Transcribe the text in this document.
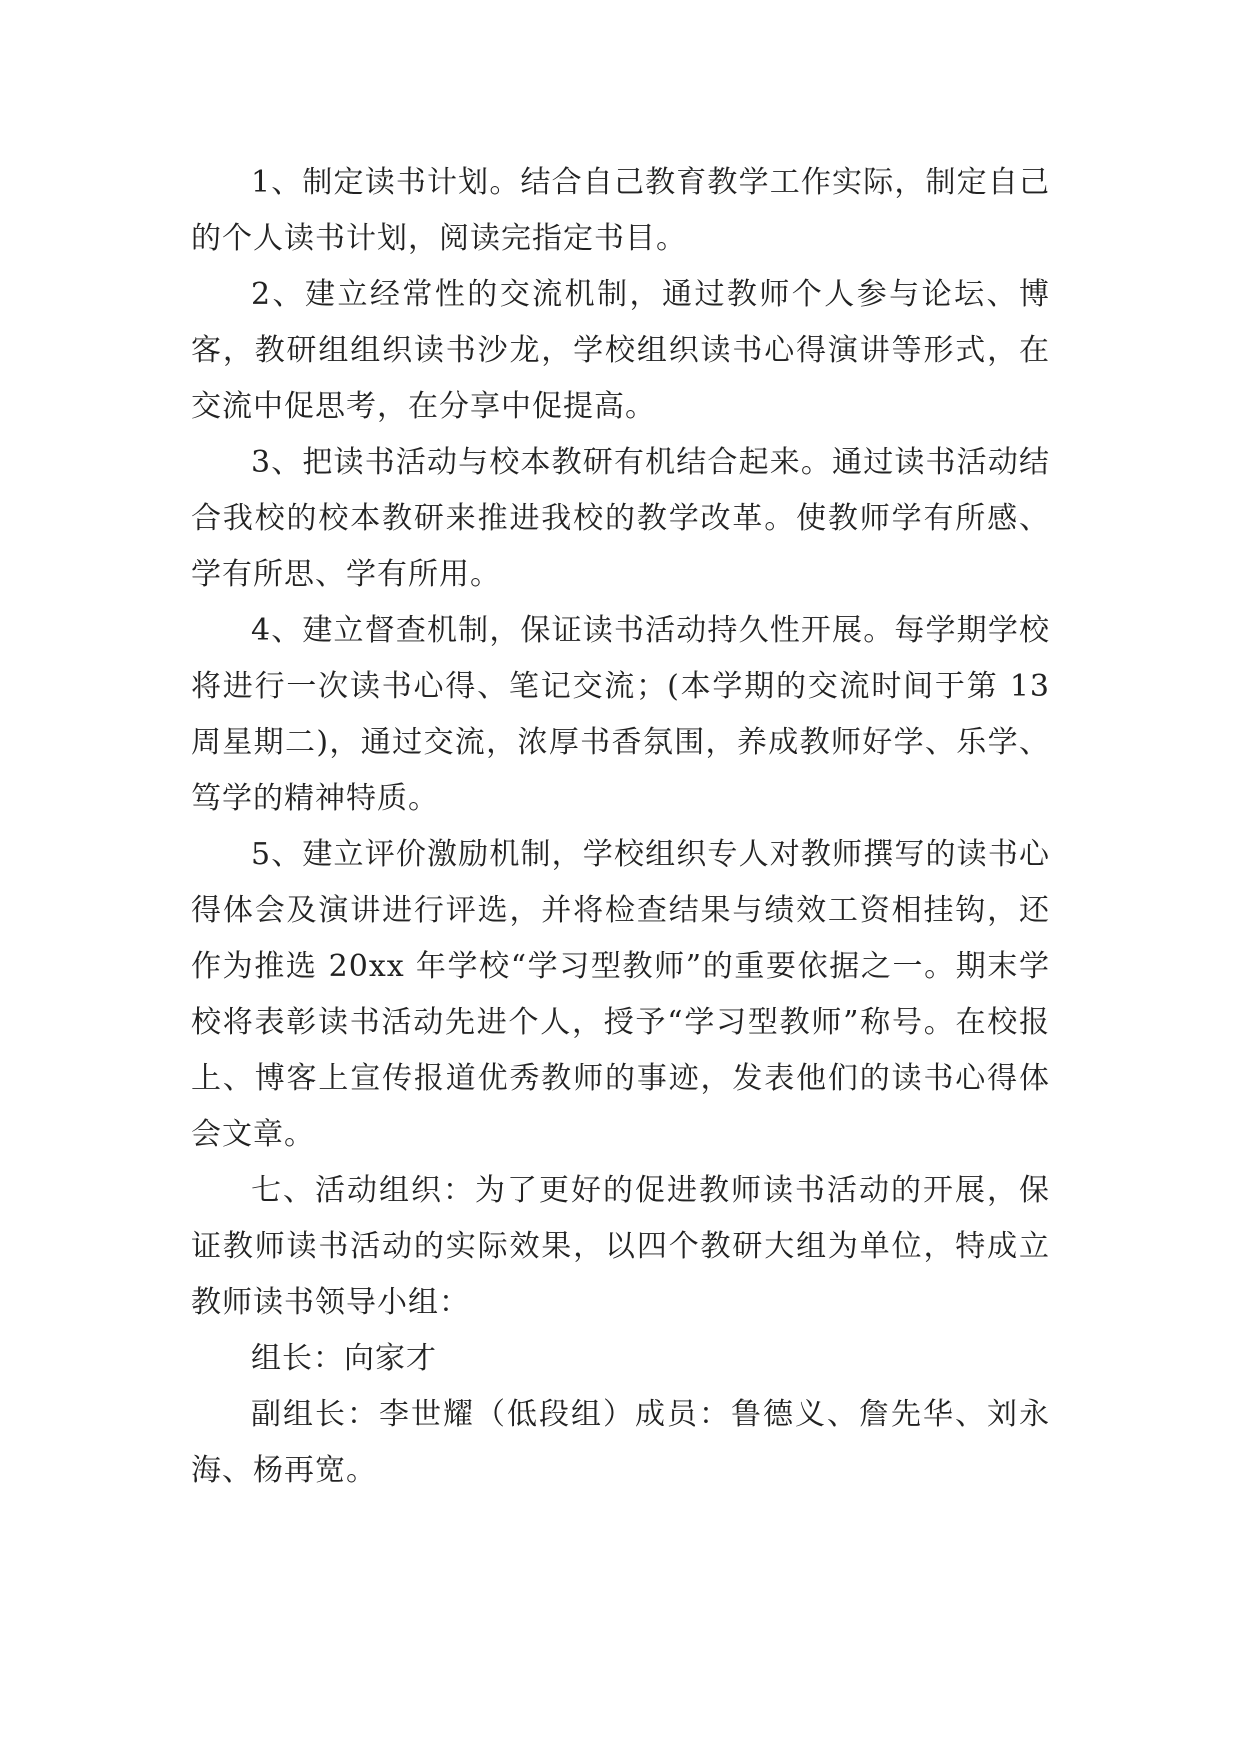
1、制定读书计划。结合自己教育教学工作实际，制定自己的个人读书计划，阅读完指定书目。

2、建立经常性的交流机制，通过教师个人参与论坛、博客，教研组组织读书沙龙，学校组织读书心得演讲等形式，在交流中促思考，在分享中促提高。

3、把读书活动与校本教研有机结合起来。通过读书活动结合我校的校本教研来推进我校的教学改革。使教师学有所感、学有所思、学有所用。

4、建立督查机制，保证读书活动持久性开展。每学期学校将进行一次读书心得、笔记交流；(本学期的交流时间于第 13 周星期二)，通过交流，浓厚书香氛围，养成教师好学、乐学、笃学的精神特质。

5、建立评价激励机制，学校组织专人对教师撰写的读书心得体会及演讲进行评选，并将检查结果与绩效工资相挂钩，还作为推选 20xx 年学校“学习型教师”的重要依据之一。期末学校将表彰读书活动先进个人，授予“学习型教师”称号。在校报上、博客上宣传报道优秀教师的事迹，发表他们的读书心得体会文章。

七、活动组织：为了更好的促进教师读书活动的开展，保证教师读书活动的实际效果，以四个教研大组为单位，特成立教师读书领导小组：

组长：向家才

副组长：李世耀（低段组）成员：鲁德义、詹先华、刘永海、杨再宽。
